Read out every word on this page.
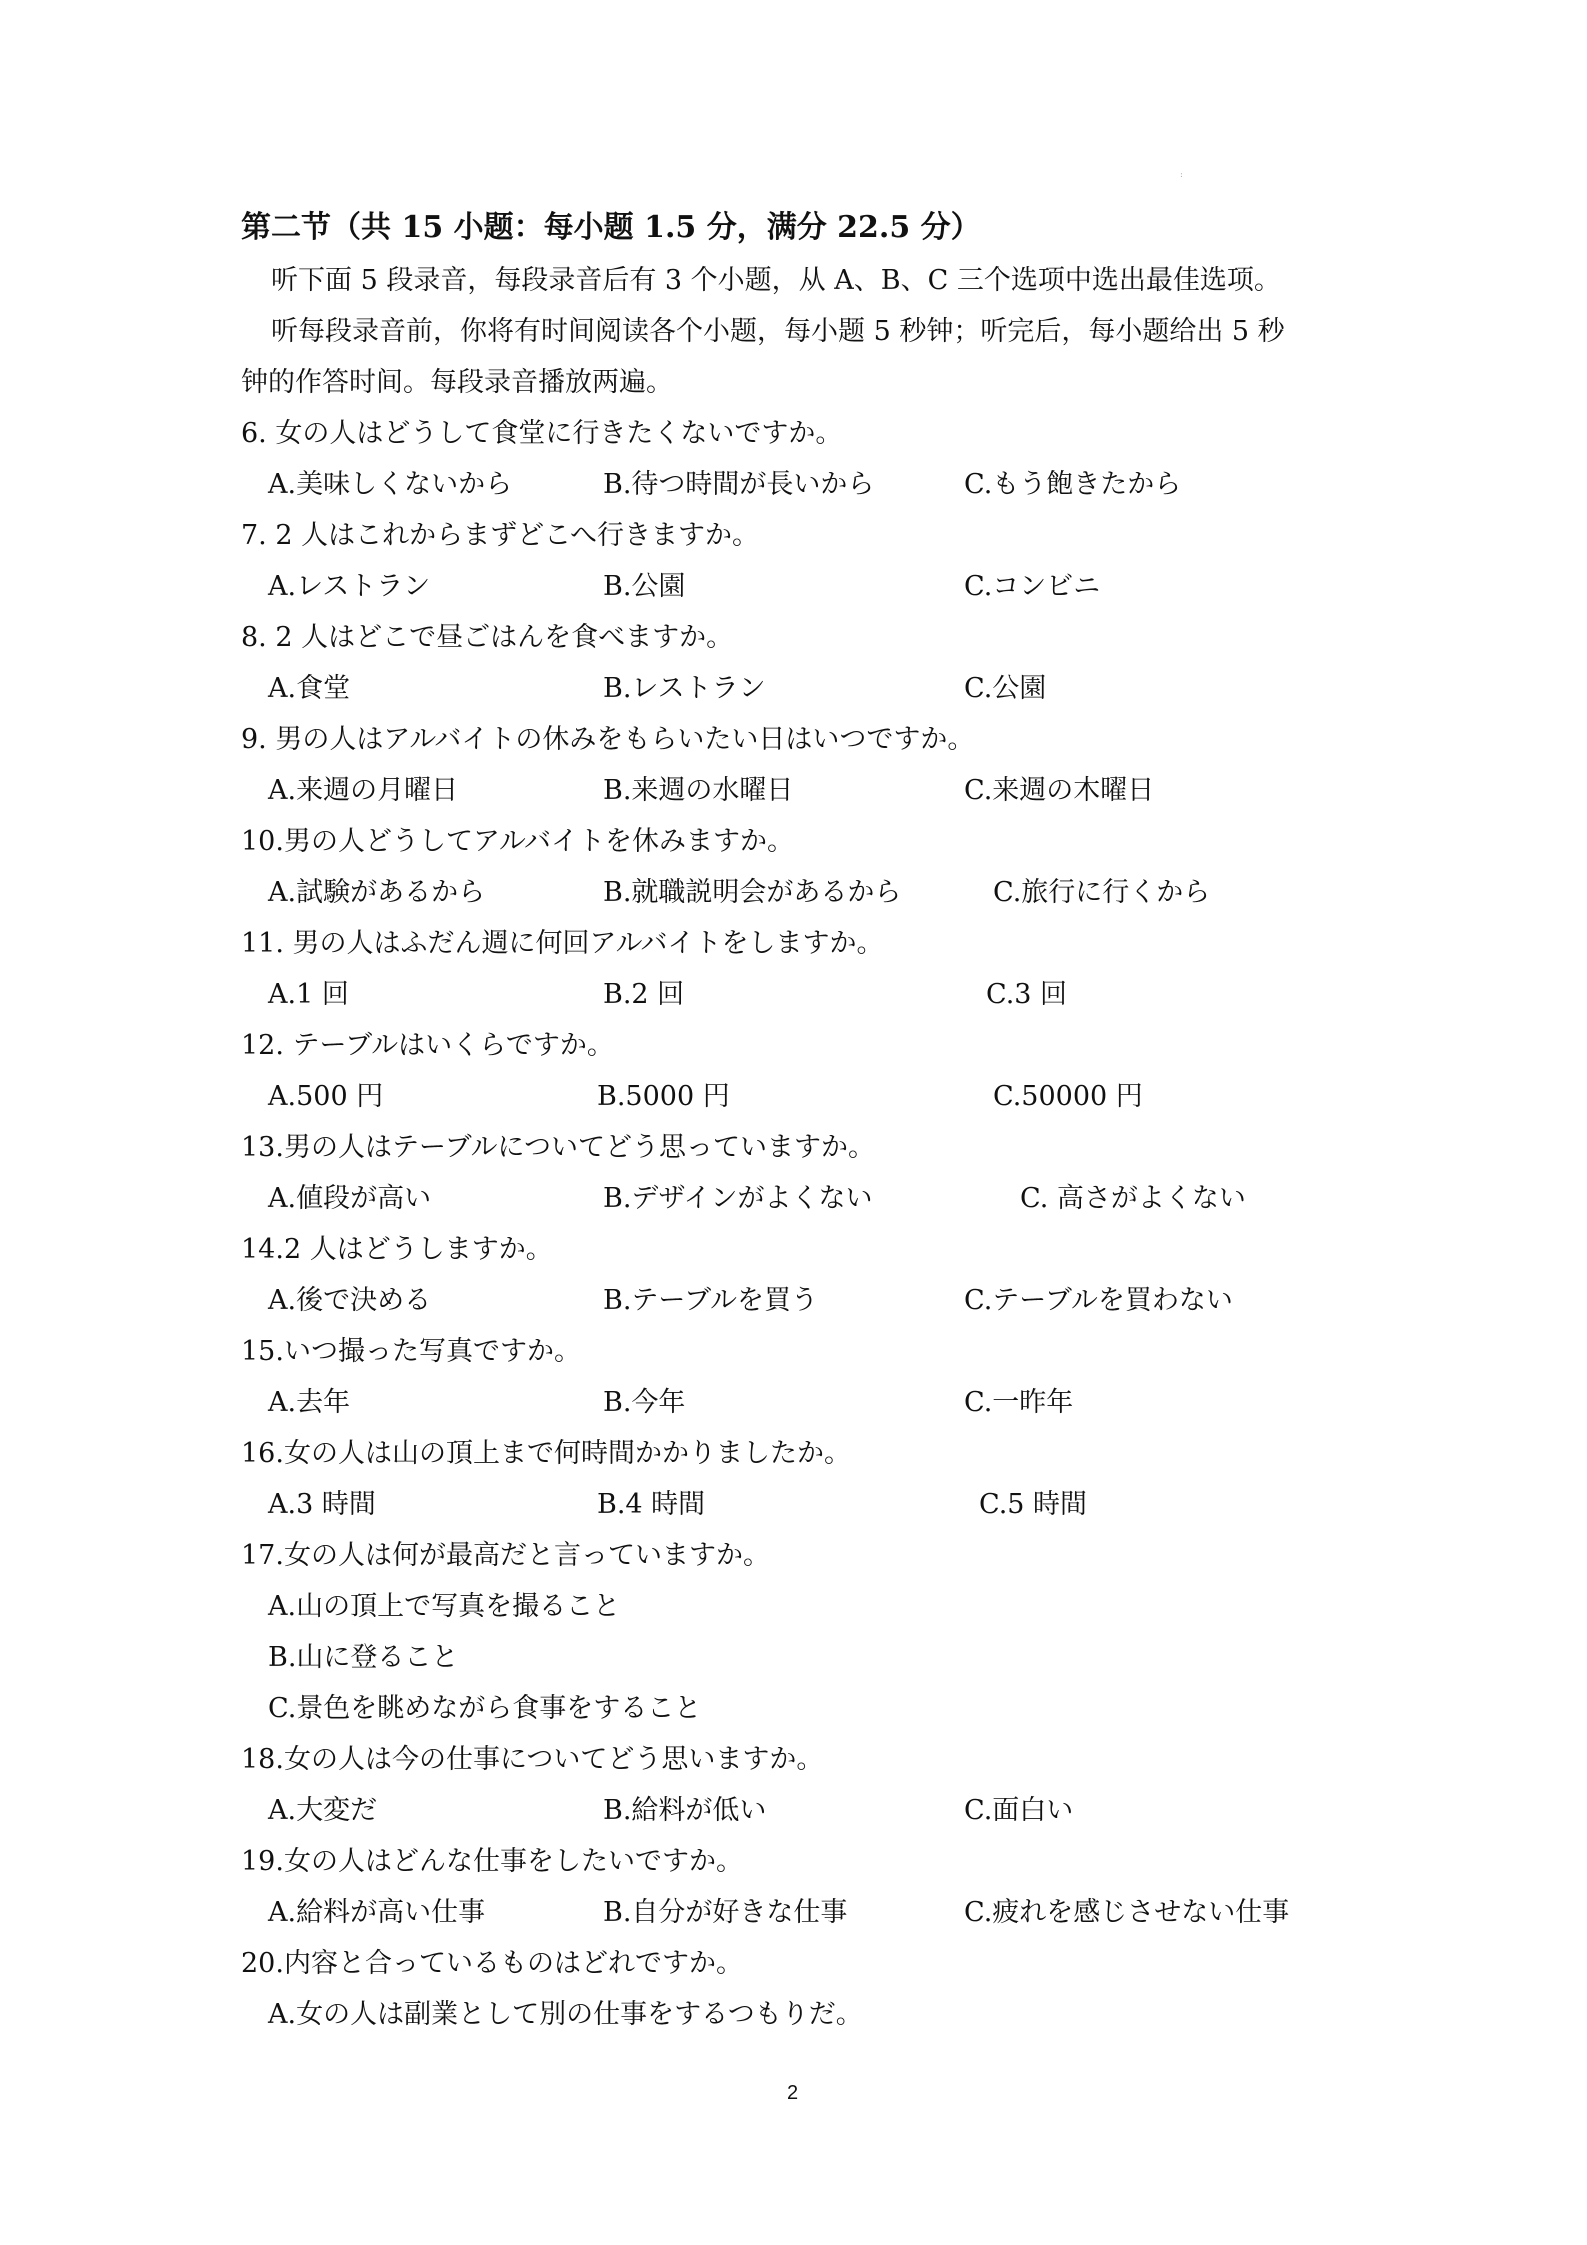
ː
第二节（共 15 小题：每小题 1.5 分，满分 22.5 分）
听下面 5 段录音，每段录音后有 3 个小题，从 A、B、C 三个选项中选出最佳选项。
听每段录音前，你将有时间阅读各个小题，每小题 5 秒钟；听完后，每小题给出 5 秒
钟的作答时间。每段录音播放两遍。
6. 女の人はどうして食堂に行きたくないですか。
A.美味しくないから	B.待つ時間が長いから	C.もう飽きたから
7. 2 人はこれからまずどこへ行きますか。
A.レストラン	B.公園	C.コンビニ
8. 2 人はどこで昼ごはんを食べますか。
A.食堂	B.レストラン	C.公園
9. 男の人はアルバイトの休みをもらいたい日はいつですか。
A.来週の月曜日	B.来週の水曜日	C.来週の木曜日
10.男の人どうしてアルバイトを休みますか。
A.試験があるから	B.就職説明会があるから	C.旅行に行くから
11. 男の人はふだん週に何回アルバイトをしますか。
A.1 回	B.2 回	C.3 回
12. テーブルはいくらですか。
A.500 円	B.5000 円	C.50000 円
13.男の人はテーブルについてどう思っていますか。
A.値段が高い	B.デザインがよくない	C. 高さがよくない
14.2 人はどうしますか。
A.後で決める	B.テーブルを買う	C.テーブルを買わない
15.いつ撮った写真ですか。
A.去年	B.今年	C.一昨年
16.女の人は山の頂上まで何時間かかりましたか。
A.3 時間	B.4 時間	C.5 時間
17.女の人は何が最高だと言っていますか。
A.山の頂上で写真を撮ること
B.山に登ること
C.景色を眺めながら食事をすること
18.女の人は今の仕事についてどう思いますか。
A.大変だ	B.給料が低い	C.面白い
19.女の人はどんな仕事をしたいですか。
A.給料が高い仕事	B.自分が好きな仕事	C.疲れを感じさせない仕事
20.内容と合っているものはどれですか。
A.女の人は副業として別の仕事をするつもりだ。
2
